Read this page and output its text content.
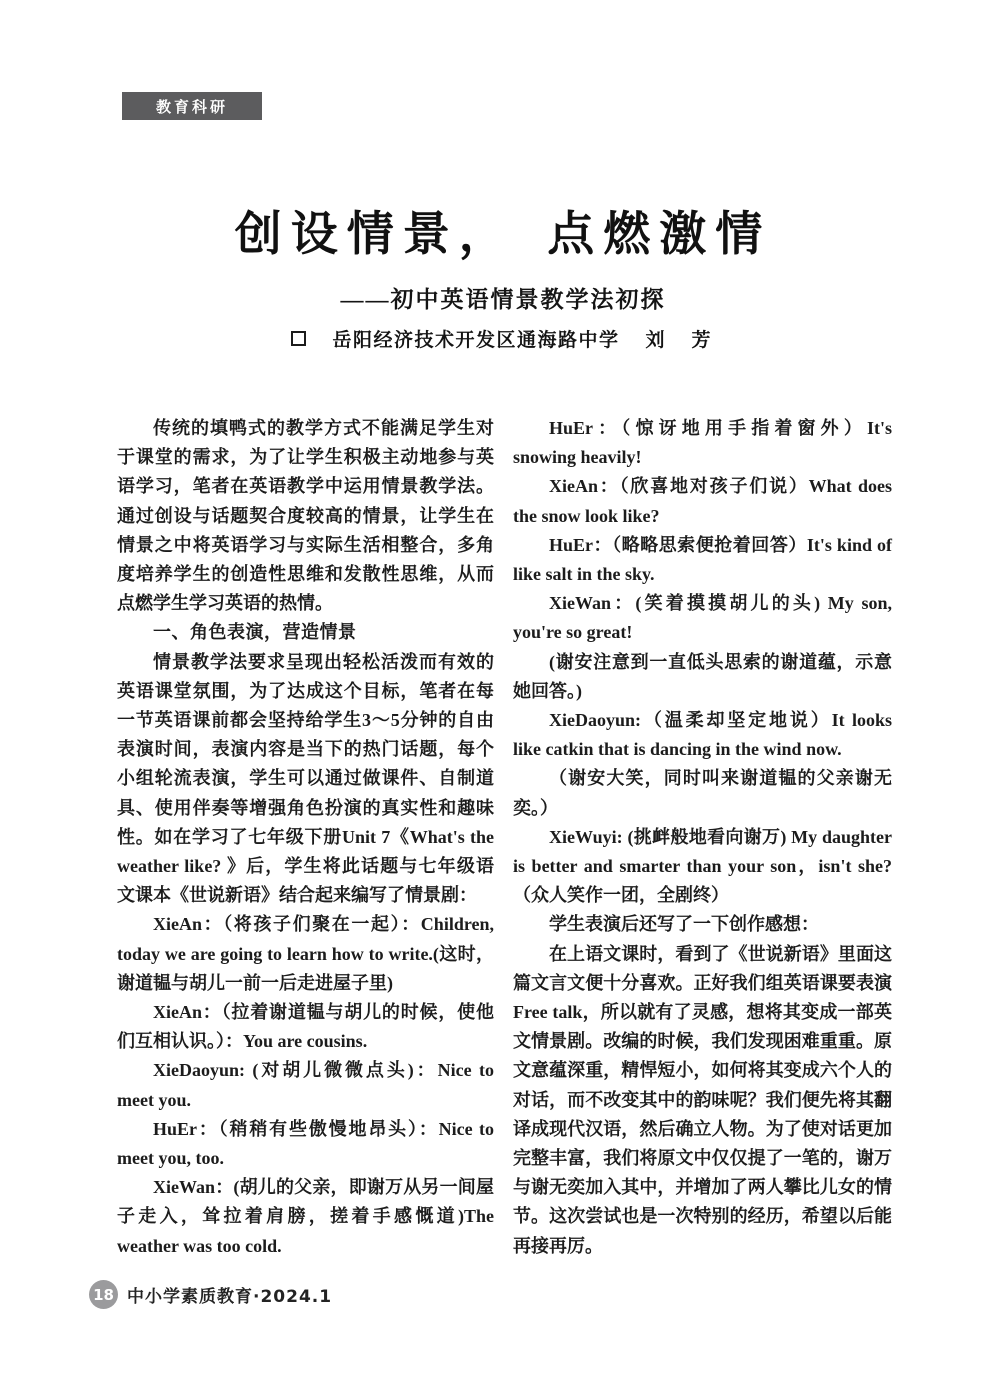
教育科研
创设情景，　点燃激情
——初中英语情景教学法初探
岳阳经济技术开发区通海路中学 刘　芳

传统的填鸭式的教学方式不能满足学生对于课堂的需求，为了让学生积极主动地参与英语学习，笔者在英语教学中运用情景教学法。通过创设与话题契合度较高的情景，让学生在情景之中将英语学习与实际生活相整合，多角度培养学生的创造性思维和发散性思维，从而点燃学生学习英语的热情。

一、角色表演，营造情景

情景教学法要求呈现出轻松活泼而有效的英语课堂氛围，为了达成这个目标，笔者在每一节英语课前都会坚持给学生3～5分钟的自由表演时间，表演内容是当下的热门话题，每个小组轮流表演，学生可以通过做课件、自制道具、使用伴奏等增强角色扮演的真实性和趣味性。如在学习了七年级下册Unit 7《What's the weather like? 》后，学生将此话题与七年级语文课本《世说新语》结合起来编写了情景剧：

XieAn：（将孩子们聚在一起）：Children, today we are going to learn how to write.(这时，谢道韫与胡儿一前一后走进屋子里)

XieAn：（拉着谢道韫与胡儿的时候，使他们互相认识。）：You are cousins.

XieDaoyun: (对胡儿微微点头)：Nice to meet you.

HuEr：（稍稍有些傲慢地昂头）：Nice to meet you, too.

XieWan：(胡儿的父亲，即谢万从另一间屋子走入，耸拉着肩膀，搓着手感慨道)The weather was too cold.

HuEr：（惊讶地用手指着窗外）It's snowing heavily!

XieAn：（欣喜地对孩子们说）What does the snow look like?

HuEr：（略略思索便抢着回答）It's kind of like salt in the sky.

XieWan：(笑着摸摸胡儿的头) My son, you're so great!

(谢安注意到一直低头思索的谢道蕴，示意她回答。)

XieDaoyun:（温柔却坚定地说）It looks like catkin that is dancing in the wind now.

（谢安大笑，同时叫来谢道韫的父亲谢无奕。）

XieWuyi: (挑衅般地看向谢万) My daughter is better and smarter than your son，isn't she?（众人笑作一团，全剧终）

学生表演后还写了一下创作感想：

在上语文课时，看到了《世说新语》里面这篇文言文便十分喜欢。正好我们组英语课要表演Free talk，所以就有了灵感，想将其变成一部英文情景剧。改编的时候，我们发现困难重重。原文意蕴深重，精悍短小，如何将其变成六个人的对话，而不改变其中的韵味呢？我们便先将其翻译成现代汉语，然后确立人物。为了使对话更加完整丰富，我们将原文中仅仅提了一笔的，谢万与谢无奕加入其中，并增加了两人攀比儿女的情节。这次尝试也是一次特别的经历，希望以后能再接再厉。

18 中小学素质教育·2024.1
